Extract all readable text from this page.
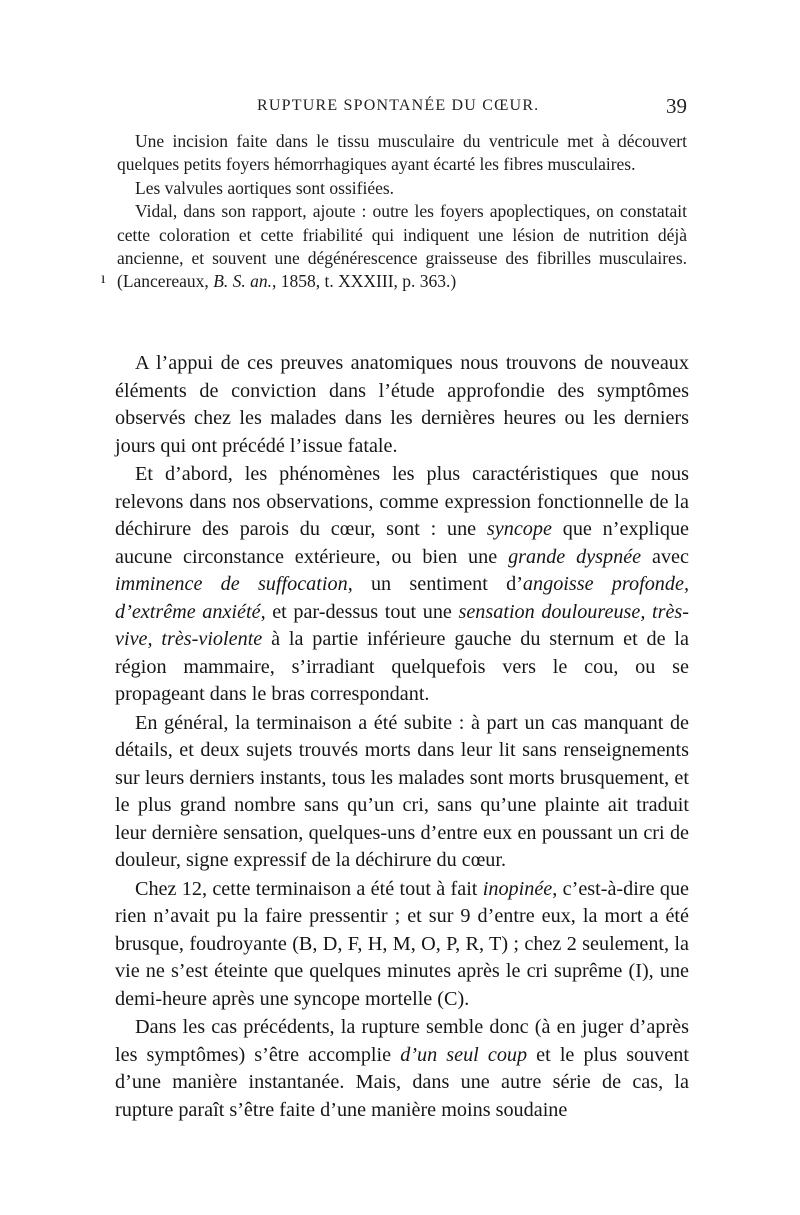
RUPTURE SPONTANÉE DU CŒUR.	39
ı

Une incision faite dans le tissu musculaire du ventricule met à découvert quelques petits foyers hémorrhagiques ayant écarté les fibres musculaires.

Les valvules aortiques sont ossifiées.

Vidal, dans son rapport, ajoute : outre les foyers apoplectiques, on constatait cette coloration et cette friabilité qui indiquent une lésion de nutrition déjà ancienne, et souvent une dégénérescence graisseuse des fibrilles musculaires. (Lancereaux, B. S. an., 1858, t. XXXIII, p. 363.)

A l’appui de ces preuves anatomiques nous trouvons de nouveaux éléments de conviction dans l’étude approfondie des symptômes observés chez les malades dans les dernières heures ou les derniers jours qui ont précédé l’issue fatale.

Et d’abord, les phénomènes les plus caractéristiques que nous relevons dans nos observations, comme expression fonctionnelle de la déchirure des parois du cœur, sont : une syncope que n’explique aucune circonstance extérieure, ou bien une grande dyspnée avec imminence de suffocation, un sentiment d’angoisse profonde, d’extrême anxiété, et par-dessus tout une sensation douloureuse, très-vive, très-violente à la partie inférieure gauche du sternum et de la région mammaire, s’irradiant quelquefois vers le cou, ou se propageant dans le bras correspondant.

En général, la terminaison a été subite : à part un cas manquant de détails, et deux sujets trouvés morts dans leur lit sans renseignements sur leurs derniers instants, tous les malades sont morts brusquement, et le plus grand nombre sans qu’un cri, sans qu’une plainte ait traduit leur dernière sensation, quelques-uns d’entre eux en poussant un cri de douleur, signe expressif de la déchirure du cœur.

Chez 12, cette terminaison a été tout à fait inopinée, c’est-à-dire que rien n’avait pu la faire pressentir ; et sur 9 d’entre eux, la mort a été brusque, foudroyante (B, D, F, H, M, O, P, R, T) ; chez 2 seulement, la vie ne s’est éteinte que quelques minutes après le cri suprême (I), une demi-heure après une syncope mortelle (C).

Dans les cas précédents, la rupture semble donc (à en juger d’après les symptômes) s’être accomplie d’un seul coup et le plus souvent d’une manière instantanée. Mais, dans une autre série de cas, la rupture paraît s’être faite d’une manière moins soudaine
